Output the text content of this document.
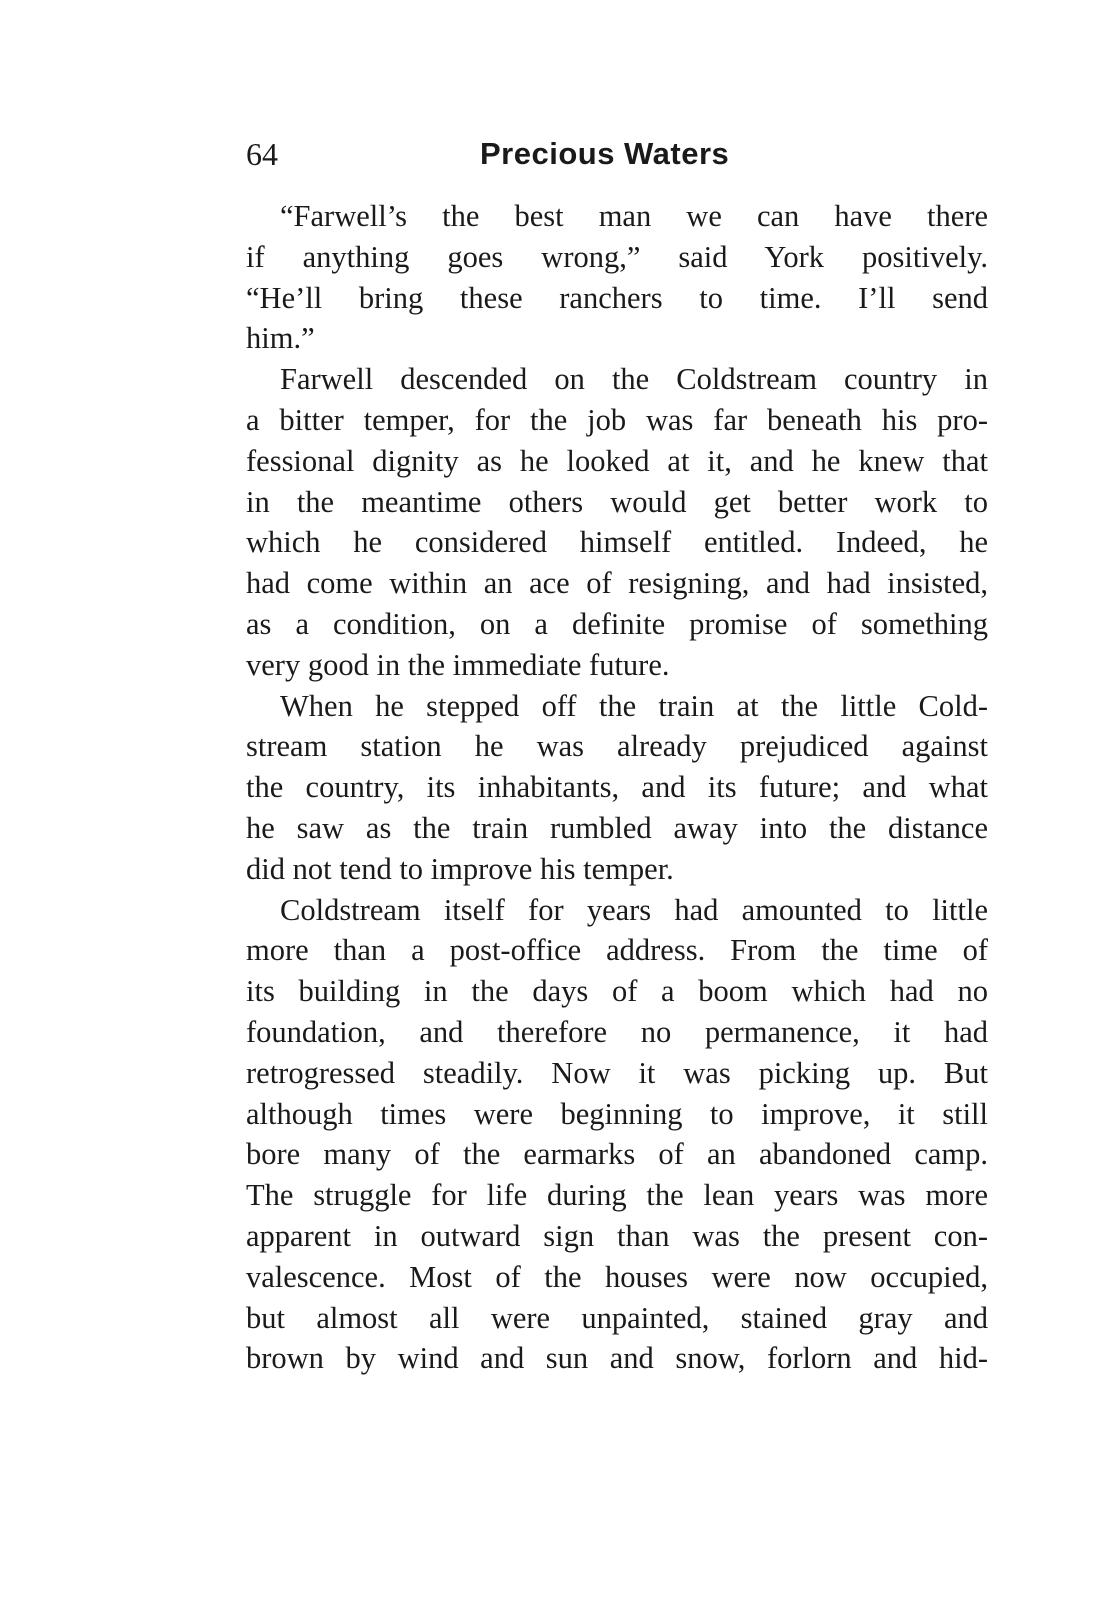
64	Precious Waters
“Farwell’s the best man we can have there
if anything goes wrong,” said York positively.
“He’ll bring these ranchers to time. I’ll send
him.”
Farwell descended on the Coldstream country in
a bitter temper, for the job was far beneath his pro-
fessional dignity as he looked at it, and he knew that
in the meantime others would get better work to
which he considered himself entitled. Indeed, he
had come within an ace of resigning, and had insisted,
as a condition, on a definite promise of something
very good in the immediate future.
When he stepped off the train at the little Cold-
stream station he was already prejudiced against
the country, its inhabitants, and its future; and what
he saw as the train rumbled away into the distance
did not tend to improve his temper.
Coldstream itself for years had amounted to little
more than a post-office address. From the time of
its building in the days of a boom which had no
foundation, and therefore no permanence, it had
retrogressed steadily. Now it was picking up. But
although times were beginning to improve, it still
bore many of the earmarks of an abandoned camp.
The struggle for life during the lean years was more
apparent in outward sign than was the present con-
valescence. Most of the houses were now occupied,
but almost all were unpainted, stained gray and
brown by wind and sun and snow, forlorn and hid-
